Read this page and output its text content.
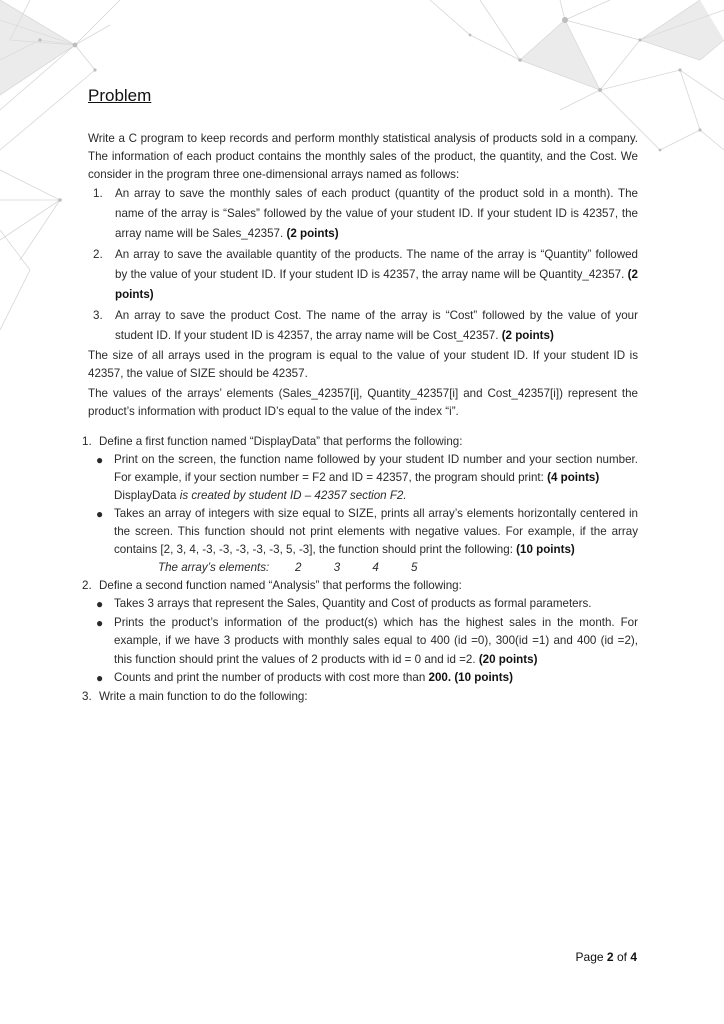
Problem

Write a C program to keep records and perform monthly statistical analysis of products sold in a company. The information of each product contains the monthly sales of the product, the quantity, and the Cost. We consider in the program three one-dimensional arrays named as follows:

1. An array to save the monthly sales of each product (quantity of the product sold in a month). The name of the array is “Sales” followed by the value of your student ID. If your student ID is 42357, the array name will be Sales_42357. (2 points)
2. An array to save the available quantity of the products. The name of the array is “Quantity” followed by the value of your student ID. If your student ID is 42357, the array name will be Quantity_42357. (2 points)
3. An array to save the product Cost. The name of the array is “Cost” followed by the value of your student ID. If your student ID is 42357, the array name will be Cost_42357. (2 points)

The size of all arrays used in the program is equal to the value of your student ID. If your student ID is 42357, the value of SIZE should be 42357.

The values of the arrays’ elements (Sales_42357[i], Quantity_42357[i] and Cost_42357[i]) represent the product’s information with product ID’s equal to the value of the index “i”.

1. Define a first function named “DisplayData” that performs the following:
● Print on the screen, the function name followed by your student ID number and your section number. For example, if your section number = F2 and ID = 42357, the program should print: (4 points)
DisplayData is created by student ID – 42357 section F2.
● Takes an array of integers with size equal to SIZE, prints all array’s elements horizontally centered in the screen. This function should not print elements with negative values. For example, if the array contains [2, 3, 4, -3, -3, -3, -3, -3, 5, -3], the function should print the following: (10 points)
The array’s elements: 2          3          4          5
2. Define a second function named “Analysis” that performs the following:
● Takes 3 arrays that represent the Sales, Quantity and Cost of products as formal parameters.
● Prints the product’s information of the product(s) which has the highest sales in the month. For example, if we have 3 products with monthly sales equal to 400 (id =0), 300(id =1) and 400 (id =2), this function should print the values of 2 products with id = 0 and id =2. (20 points)
● Counts and print the number of products with cost more than 200. (10 points)
3. Write a main function to do the following:
Page 2 of 4
